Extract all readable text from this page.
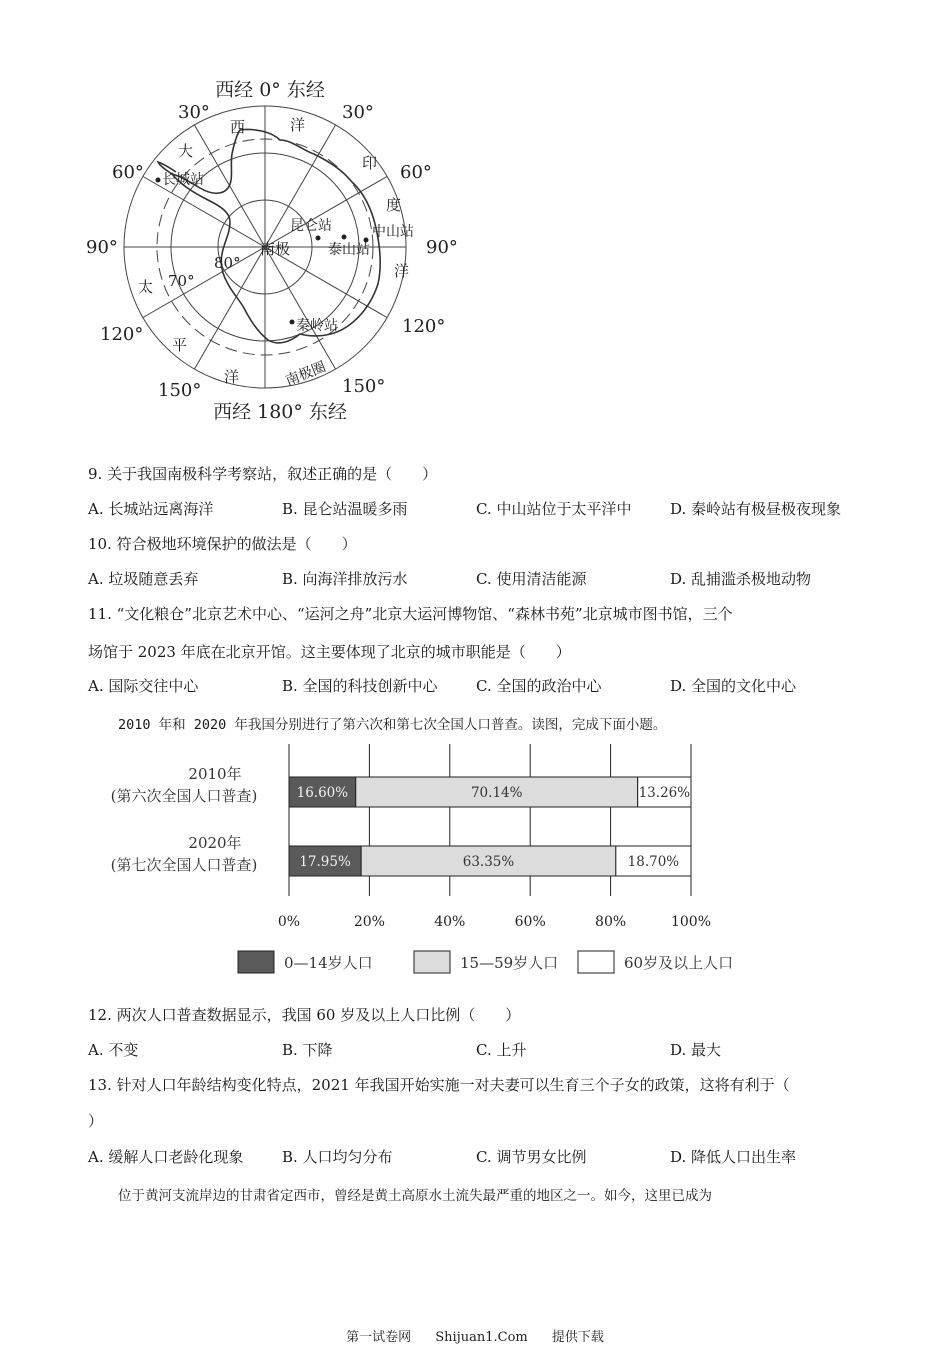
西经 0° 东经
西经 180° 东经
30°	30°
60°	60°
90°	90°
120°	120°
150°	150°
大
西	洋
印
度
洋
太
平
洋
80°
70°
南极
长城站
昆仑站	中山站
泰山站
秦岭站
南极圈
9. 关于我国南极科学考察站，叙述正确的是（　　）
A. 长城站远离海洋	B. 昆仑站温暖多雨	C. 中山站位于太平洋中	D. 秦岭站有极昼极夜现象
10. 符合极地环境保护的做法是（　　）
A. 垃圾随意丢弃	B. 向海洋排放污水	C. 使用清洁能源	D. 乱捕滥杀极地动物
11. “文化粮仓”北京艺术中心、“运河之舟”北京大运河博物馆、“森林书苑”北京城市图书馆，三个
场馆于 2023 年底在北京开馆。这主要体现了北京的城市职能是（　　）
A. 国际交往中心	B. 全国的科技创新中心	C. 全国的政治中心	D. 全国的文化中心
2010 年和 2020 年我国分别进行了第六次和第七次全国人口普查。读图，完成下面小题。
0%	20%	40%	60%	80%	100%
2010年
(第六次全国人口普查)	16.60%	70.14%	13.26%
2020年
(第七次全国人口普查)	17.95%	63.35%	18.70%
0—14岁人口	15—59岁人口	60岁及以上人口
12. 两次人口普查数据显示，我国 60 岁及以上人口比例（　　）
A. 不变	B. 下降	C. 上升	D. 最大
13. 针对人口年龄结构变化特点，2021 年我国开始实施一对夫妻可以生育三个子女的政策，这将有利于（
）
A. 缓解人口老龄化现象	B. 人口均匀分布	C. 调节男女比例	D. 降低人口出生率
位于黄河支流岸边的甘肃省定西市，曾经是黄土高原水土流失最严重的地区之一。如今，这里已成为
第一试卷网 Shijuan1.Com 提供下载
